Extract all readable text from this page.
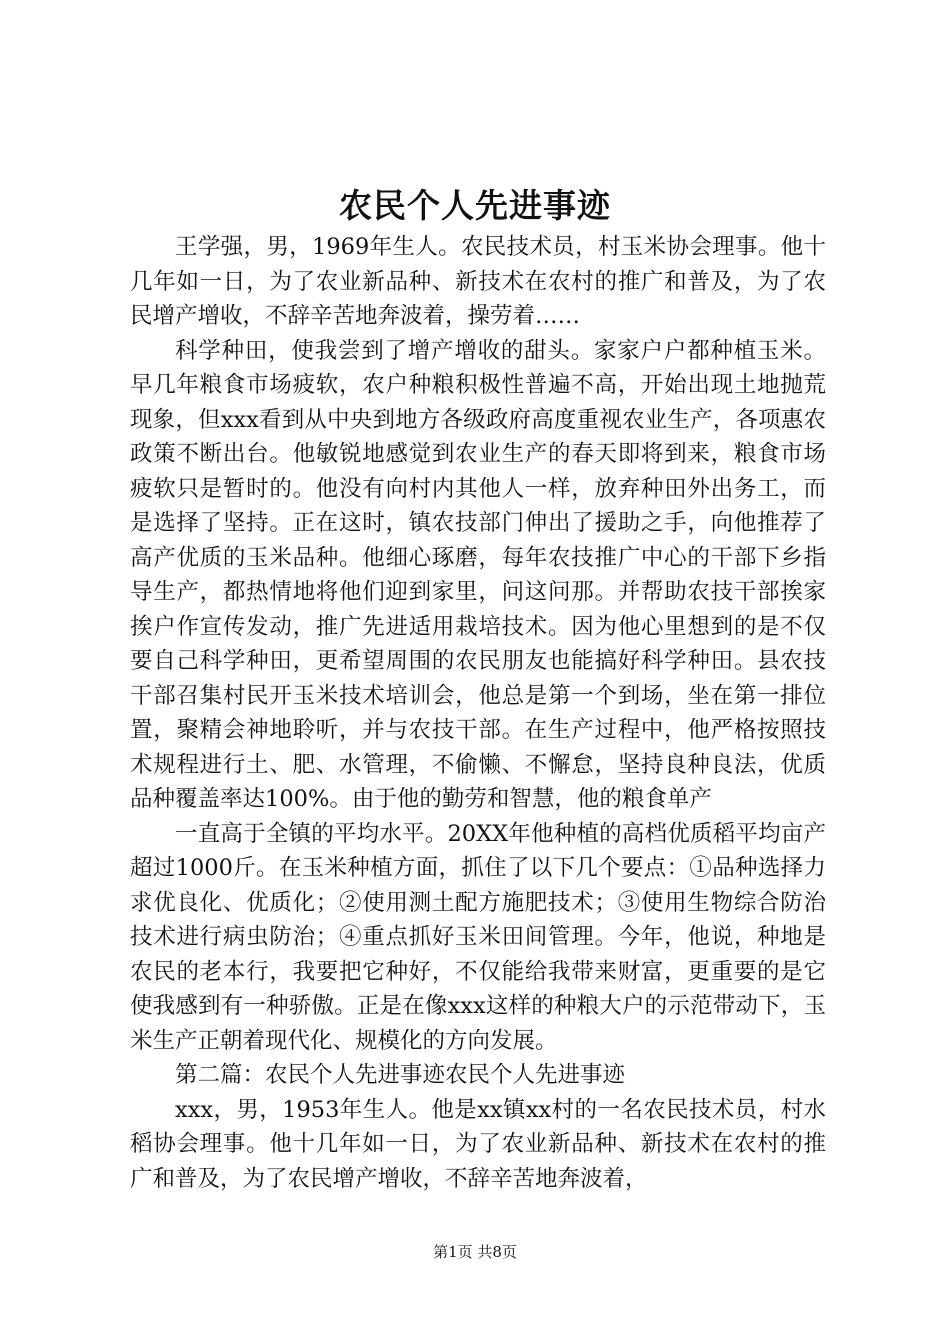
农民个人先进事迹

王学强，男，1969年生人。农民技术员，村玉米协会理事。他十几年如一日，为了农业新品种、新技术在农村的推广和普及，为了农民增产增收，不辞辛苦地奔波着，操劳着……

科学种田，使我尝到了增产增收的甜头。家家户户都种植玉米。早几年粮食市场疲软，农户种粮积极性普遍不高，开始出现土地抛荒现象，但xxx看到从中央到地方各级政府高度重视农业生产，各项惠农政策不断出台。他敏锐地感觉到农业生产的春天即将到来，粮食市场疲软只是暂时的。他没有向村内其他人一样，放弃种田外出务工，而是选择了坚持。正在这时，镇农技部门伸出了援助之手，向他推荐了高产优质的玉米品种。他细心琢磨，每年农技推广中心的干部下乡指导生产，都热情地将他们迎到家里，问这问那。并帮助农技干部挨家挨户作宣传发动，推广先进适用栽培技术。因为他心里想到的是不仅要自己科学种田，更希望周围的农民朋友也能搞好科学种田。县农技干部召集村民开玉米技术培训会，他总是第一个到场，坐在第一排位置，聚精会神地聆听，并与农技干部。在生产过程中，他严格按照技术规程进行土、肥、水管理，不偷懒、不懈怠，坚持良种良法，优质品种覆盖率达100%。由于他的勤劳和智慧，他的粮食单产

一直高于全镇的平均水平。20XX年他种植的高档优质稻平均亩产超过1000斤。在玉米种植方面，抓住了以下几个要点：①品种选择力求优良化、优质化；②使用测土配方施肥技术；③使用生物综合防治技术进行病虫防治；④重点抓好玉米田间管理。今年，他说，种地是农民的老本行，我要把它种好，不仅能给我带来财富，更重要的是它使我感到有一种骄傲。正是在像xxx这样的种粮大户的示范带动下，玉米生产正朝着现代化、规模化的方向发展。

第二篇：农民个人先进事迹农民个人先进事迹

xxx，男，1953年生人。他是xx镇xx村的一名农民技术员，村水稻协会理事。他十几年如一日，为了农业新品种、新技术在农村的推广和普及，为了农民增产增收，不辞辛苦地奔波着，

第1页 共8页
